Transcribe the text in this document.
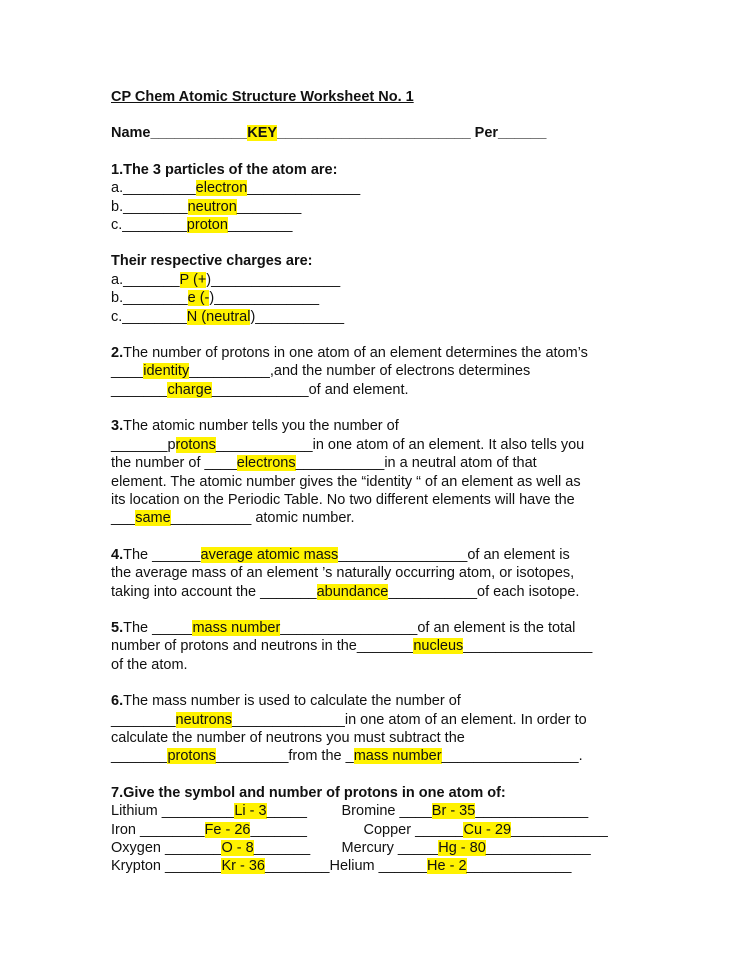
CP Chem Atomic Structure Worksheet No. 1
Name____________KEY________________________ Per______
1.The 3 particles of the atom are:
a._________electron______________
b.________neutron________
c.________proton________
Their respective charges are:
a._______P (+)________________
b.________e (-)_____________
c.________N (neutral)___________
2.The number of protons in one atom of an element determines the atom’s
____identity__________,and the number of electrons determines
_______charge____________of and element.
3.The atomic number tells you the number of
_______protons____________in one atom of an element. It also tells you
the number of ____electrons___________in a neutral atom of that
element. The atomic number gives the “identity “ of an element as well as
its location on the Periodic Table. No two different elements will have the
___same__________ atomic number.
4.The ______average atomic mass________________of an element is
the average mass of an element ’s naturally occurring atom, or isotopes,
taking into account the _______abundance___________of each isotope.
5.The _____mass number_________________of an element is the total
number of protons and neutrons in the_______nucleus________________
of the atom.
6.The mass number is used to calculate the number of
________neutrons______________in one atom of an element. In order to
calculate the number of neutrons you must subtract the
_______protons_________from the _mass number_________________.
7.Give the symbol and number of protons in one atom of:
Lithium _________Li - 3_____	Bromine ____Br - 35______________
Iron ________Fe - 26_______	Copper ______Cu - 29____________
Oxygen _______O - 8_______	Mercury _____Hg - 80_____________
Krypton _______Kr - 36________	Helium ______He - 2_____________
